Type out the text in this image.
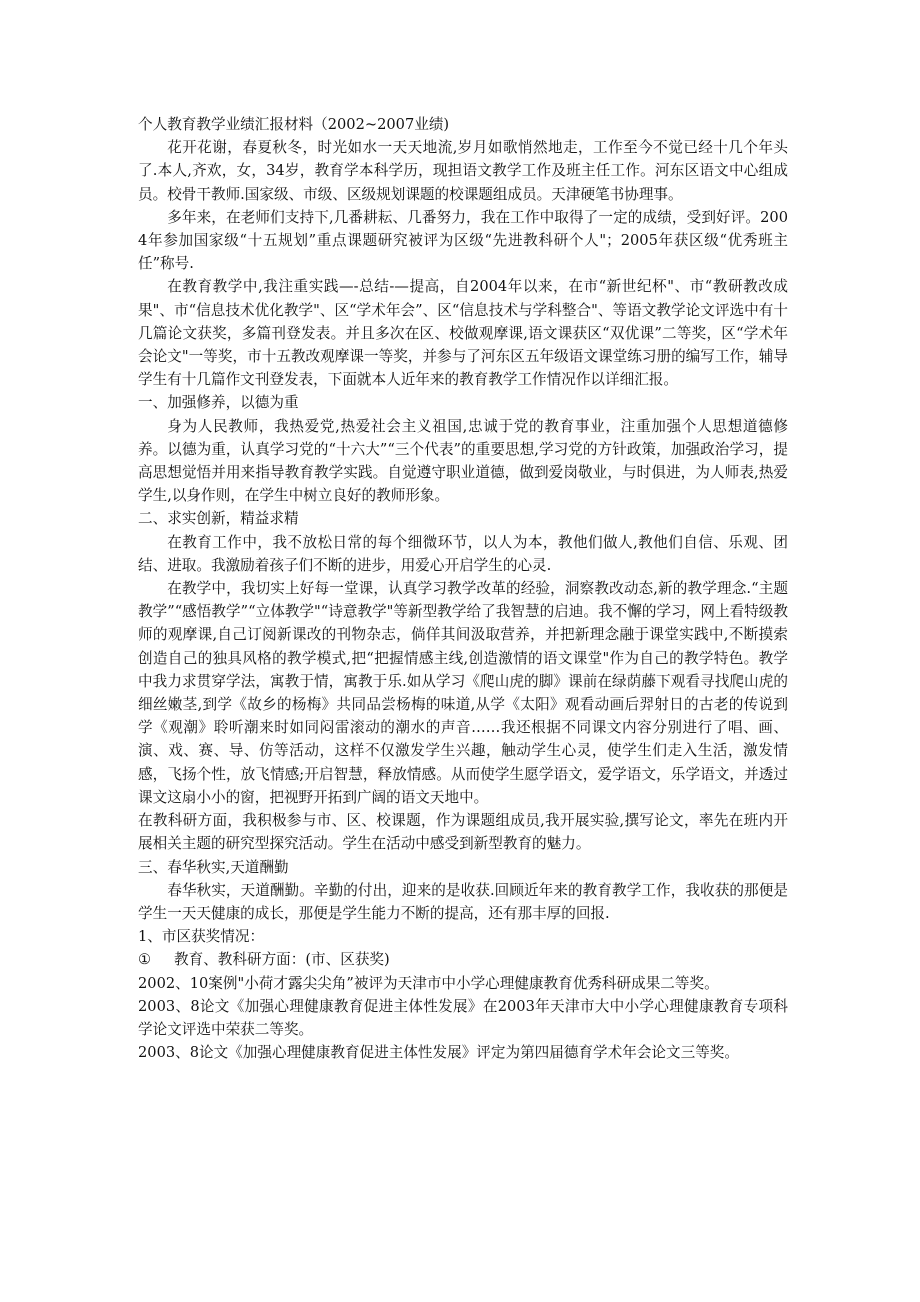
个人教育教学业绩汇报材料（2002~2007业绩)

花开花谢，春夏秋冬，时光如水一天天地流,岁月如歌悄然地走，工作至今不觉已经十几个年头了.本人,齐欢，女，34岁，教育学本科学历，现担语文教学工作及班主任工作。河东区语文中心组成员。校骨干教师.国家级、市级、区级规划课题的校课题组成员。天津硬笔书协理事。

多年来，在老师们支持下,几番耕耘、几番努力，我在工作中取得了一定的成绩，受到好评。2004年参加国家级“十五规划”重点课题研究被评为区级“先进教科研个人"；2005年获区级“优秀班主任”称号.

在教育教学中,我注重实践—-总结-—提高，自2004年以来，在市“新世纪杯"、市“教研教改成果"、市“信息技术优化教学"、区“学术年会”、区“信息技术与学科整合"、等语文教学论文评选中有十几篇论文获奖，多篇刊登发表。并且多次在区、校做观摩课,语文课获区“双优课”二等奖，区“学术年会论文"一等奖，市十五教改观摩课一等奖，并参与了河东区五年级语文课堂练习册的编写工作，辅导学生有十几篇作文刊登发表，下面就本人近年来的教育教学工作情况作以详细汇报。

一、加强修养，以德为重

身为人民教师，我热爱党,热爱社会主义祖国,忠诚于党的教育事业，注重加强个人思想道德修养。以德为重，认真学习党的“十六大”“三个代表”的重要思想,学习党的方针政策，加强政治学习，提高思想觉悟并用来指导教育教学实践。自觉遵守职业道德，做到爱岗敬业，与时俱进，为人师表,热爱学生,以身作则，在学生中树立良好的教师形象。

二、求实创新，精益求精

在教育工作中，我不放松日常的每个细微环节，以人为本，教他们做人,教他们自信、乐观、团结、进取。我激励着孩子们不断的进步，用爱心开启学生的心灵.

在教学中，我切实上好每一堂课，认真学习教学改革的经验，洞察教改动态,新的教学理念.“主题教学”“感悟教学”“立体教学"“诗意教学"等新型教学给了我智慧的启迪。我不懈的学习，网上看特级教师的观摩课,自己订阅新课改的刊物杂志，倘佯其间汲取营养，并把新理念融于课堂实践中,不断摸索创造自己的独具风格的教学模式,把“把握情感主线,创造激情的语文课堂"作为自己的教学特色。教学中我力求贯穿学法，寓教于情，寓教于乐.如从学习《爬山虎的脚》课前在绿荫藤下观看寻找爬山虎的细丝嫩茎,到学《故乡的杨梅》共同品尝杨梅的味道,从学《太阳》观看动画后羿射日的古老的传说到学《观潮》聆听潮来时如同闷雷滚动的潮水的声音……我还根据不同课文内容分别进行了唱、画、演、戏、赛、导、仿等活动，这样不仅激发学生兴趣，触动学生心灵，使学生们走入生活，激发情感，飞扬个性，放飞情感;开启智慧，释放情感。从而使学生愿学语文，爱学语文，乐学语文，并透过课文这扇小小的窗，把视野开拓到广阔的语文天地中。

在教科研方面，我积极参与市、区、校课题，作为课题组成员,我开展实验,撰写论文，率先在班内开展相关主题的研究型探究活动。学生在活动中感受到新型教育的魅力。

三、春华秋实,天道酬勤

春华秋实，天道酬勤。辛勤的付出，迎来的是收获.回顾近年来的教育教学工作，我收获的那便是学生一天天健康的成长，那便是学生能力不断的提高，还有那丰厚的回报.

1、市区获奖情况：

①	教育、教科研方面：(市、区获奖)

2002、10案例"小荷才露尖尖角”被评为天津市中小学心理健康教育优秀科研成果二等奖。

2003、8论文《加强心理健康教育促进主体性发展》在2003年天津市大中小学心理健康教育专项科学论文评选中荣获二等奖。

2003、8论文《加强心理健康教育促进主体性发展》评定为第四届德育学术年会论文三等奖。
